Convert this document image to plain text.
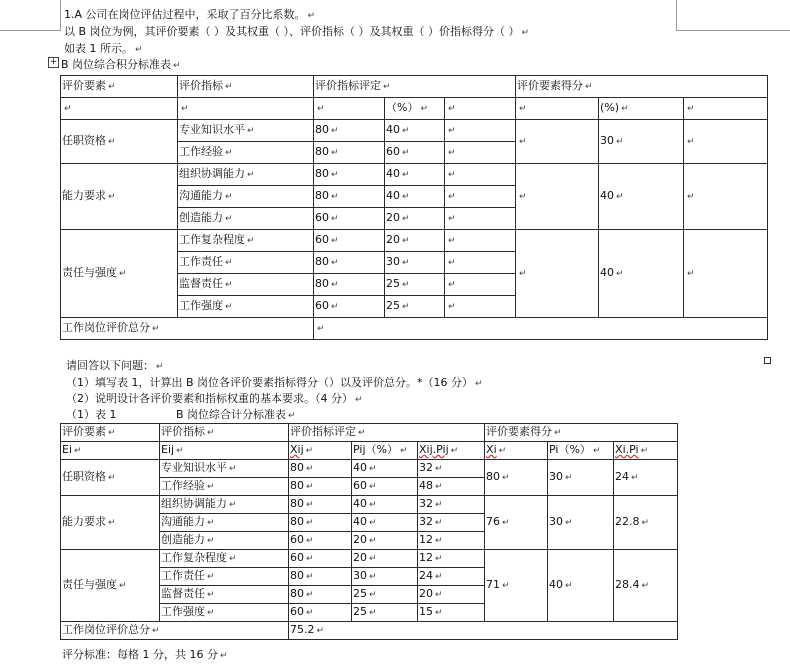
1.A 公司在岗位评估过程中，采取了百分比系数。 ↵
以 B 岗位为例，其评价要素（ ）及其权重（ ）、评价指标（ ）及其权重（ ）价指标得分（ ） ↵
如表 1 所示。 ↵
+ B 岗位综合积分标准表 ↵
评价要素 ↵	评价指标 ↵	评价指标评定 ↵			评价要素得分 ↵		
↵	↵	↵	（%） ↵	↵	↵	(%) ↵	↵
任职资格 ↵	专业知识水平 ↵	80 ↵	40 ↵	↵	↵	30 ↵	↵
	工作经验 ↵	80 ↵	60 ↵	↵			
能力要求 ↵	组织协调能力 ↵	80 ↵	40 ↵	↵	↵	40 ↵	↵
	沟通能力 ↵	80 ↵	40 ↵	↵			
	创造能力 ↵	60 ↵	20 ↵	↵			
责任与强度 ↵	工作复杂程度 ↵	60 ↵	20 ↵	↵	↵	40 ↵	↵
	工作责任 ↵	80 ↵	30 ↵	↵			
	监督责任 ↵	80 ↵	25 ↵	↵			
	工作强度 ↵	60 ↵	25 ↵	↵			
工作岗位评价总分 ↵		↵					
请回答以下问题： ↵
（1）填写表 1，计算出 B 岗位各评价要素指标得分（）以及评价总分。*（16 分） ↵
（2）说明设计各评价要素和指标权重的基本要求。（4 分） ↵
（1）表 1	B 岗位综合计分标准表 ↵
评价要素 ↵	评价指标 ↵	评价指标评定 ↵			评价要素得分 ↵		
Ei ↵	Eij ↵	Xij ↵	Pij（%） ↵	Xij.Pij ↵	Xi ↵	Pi（%） ↵	Xi.Pi ↵
任职资格 ↵	专业知识水平 ↵	80 ↵	40 ↵	32 ↵	80 ↵	30 ↵	24 ↵
	工作经验 ↵	80 ↵	60 ↵	48 ↵			
能力要求 ↵	组织协调能力 ↵	80 ↵	40 ↵	32 ↵	76 ↵	30 ↵	22.8 ↵
	沟通能力 ↵	80 ↵	40 ↵	32 ↵			
	创造能力 ↵	60 ↵	20 ↵	12 ↵			
责任与强度 ↵	工作复杂程度 ↵	60 ↵	20 ↵	12 ↵	71 ↵	40 ↵	28.4 ↵
	工作责任 ↵	80 ↵	30 ↵	24 ↵			
	监督责任 ↵	80 ↵	25 ↵	20 ↵			
	工作强度 ↵	60 ↵	25 ↵	15 ↵			
工作岗位评价总分 ↵		75.2 ↵					
评分标准：每格 1 分，共 16 分 ↵
